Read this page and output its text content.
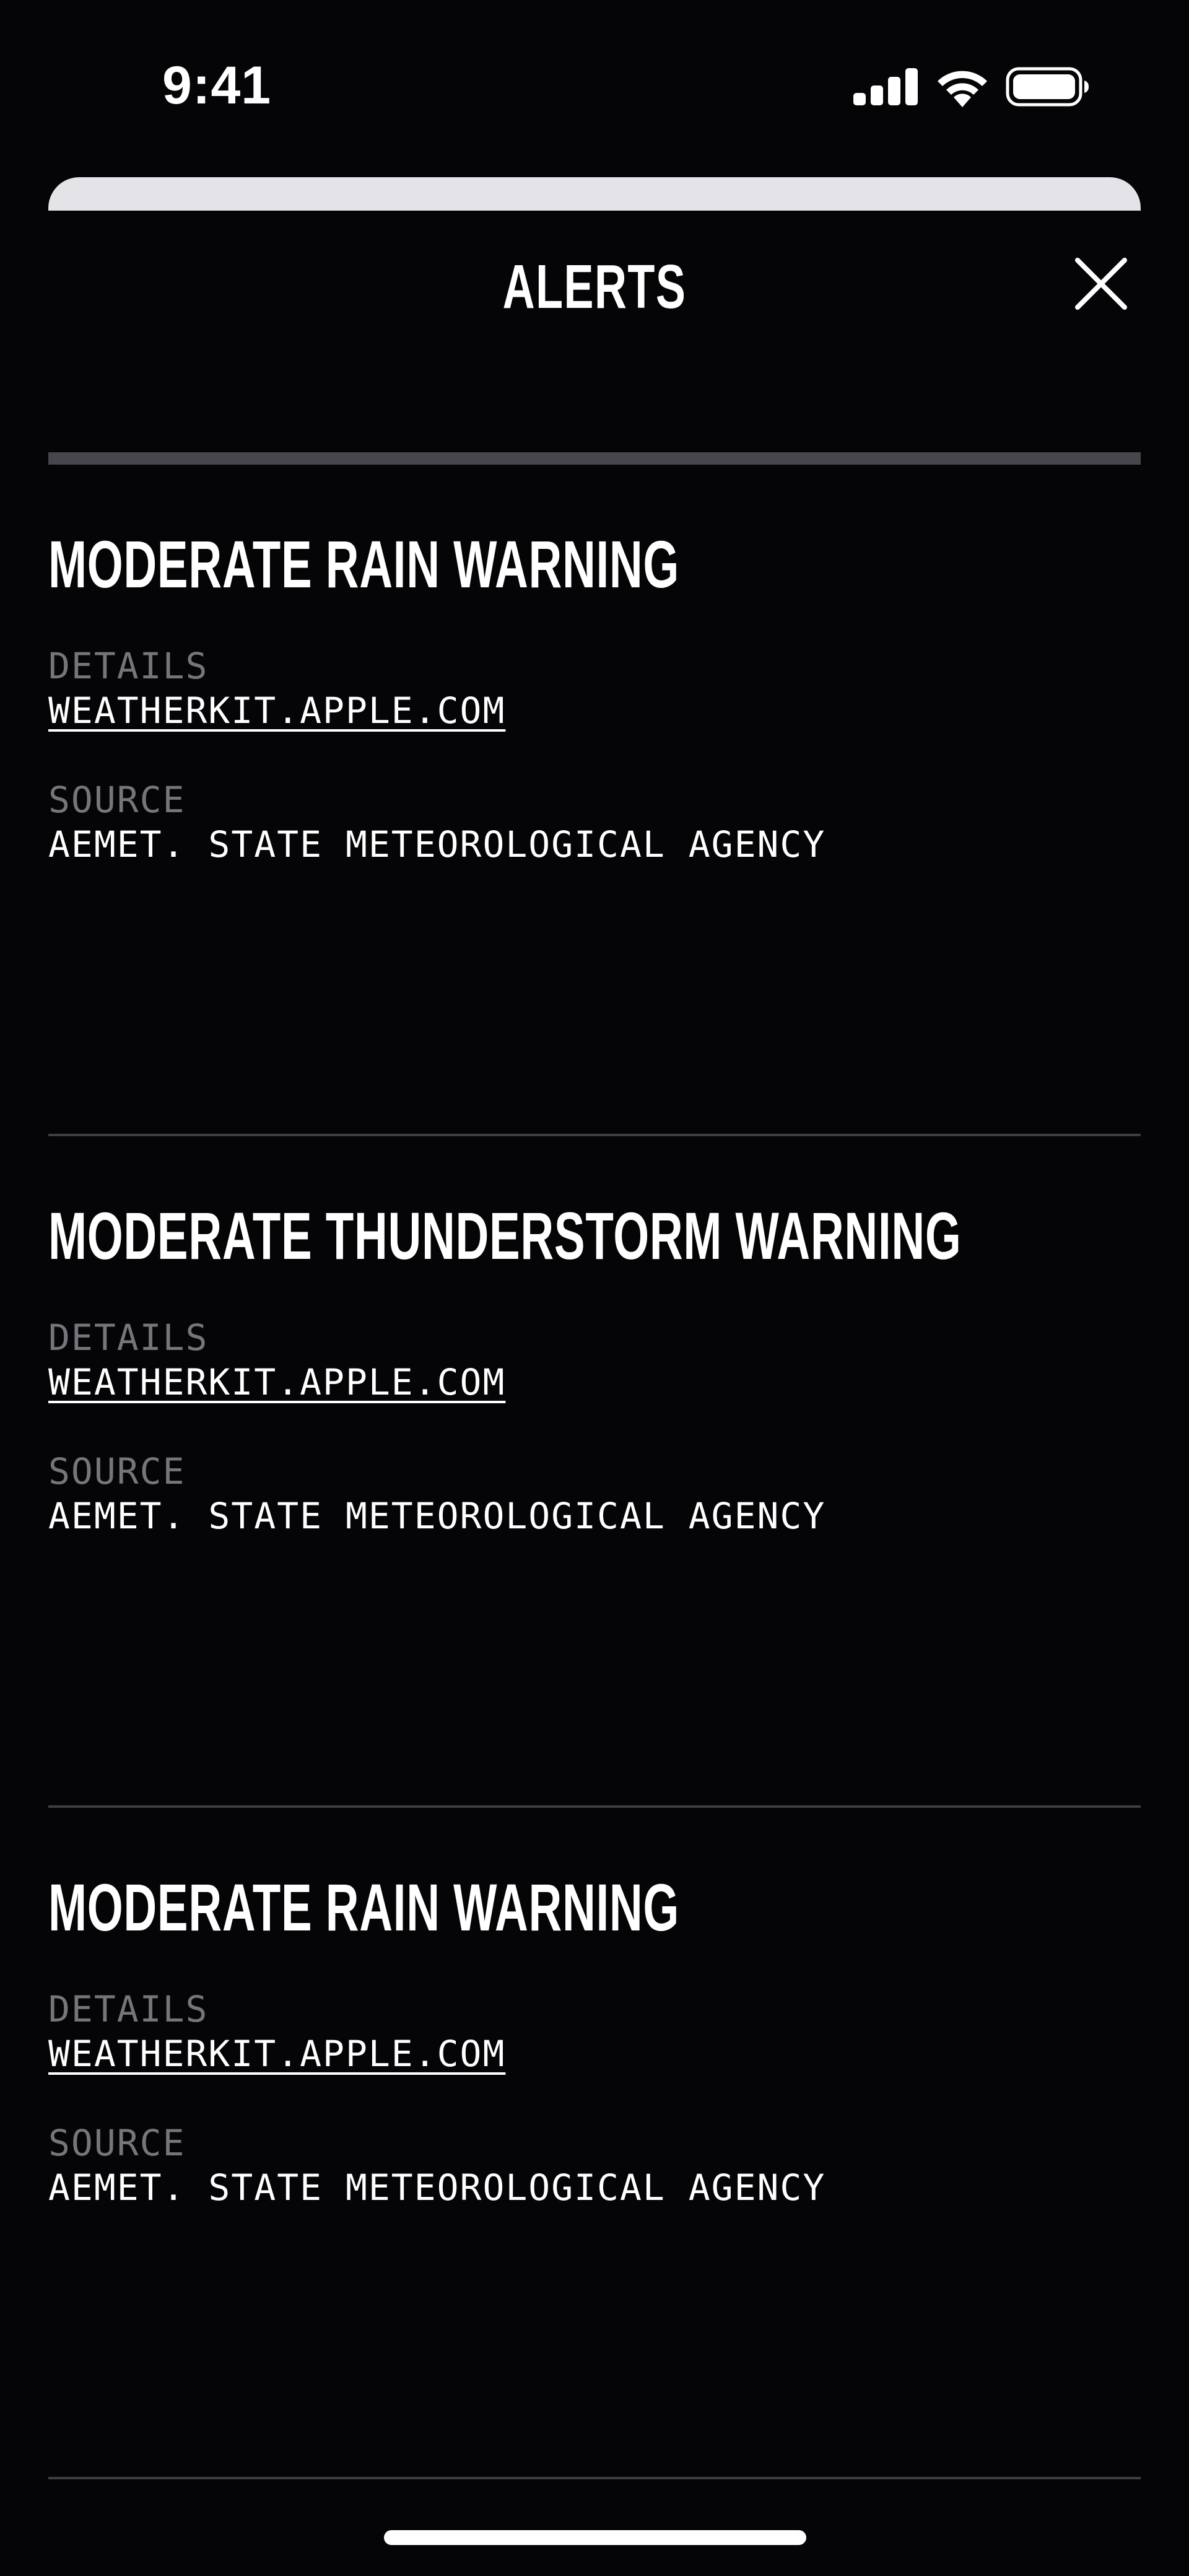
9:41
ALERTS
MODERATE RAIN WARNING
DETAILS
WEATHERKIT.APPLE.COM
SOURCE
AEMET. STATE METEOROLOGICAL AGENCY
MODERATE THUNDERSTORM WARNING
DETAILS
WEATHERKIT.APPLE.COM
SOURCE
AEMET. STATE METEOROLOGICAL AGENCY
MODERATE RAIN WARNING
DETAILS
WEATHERKIT.APPLE.COM
SOURCE
AEMET. STATE METEOROLOGICAL AGENCY
